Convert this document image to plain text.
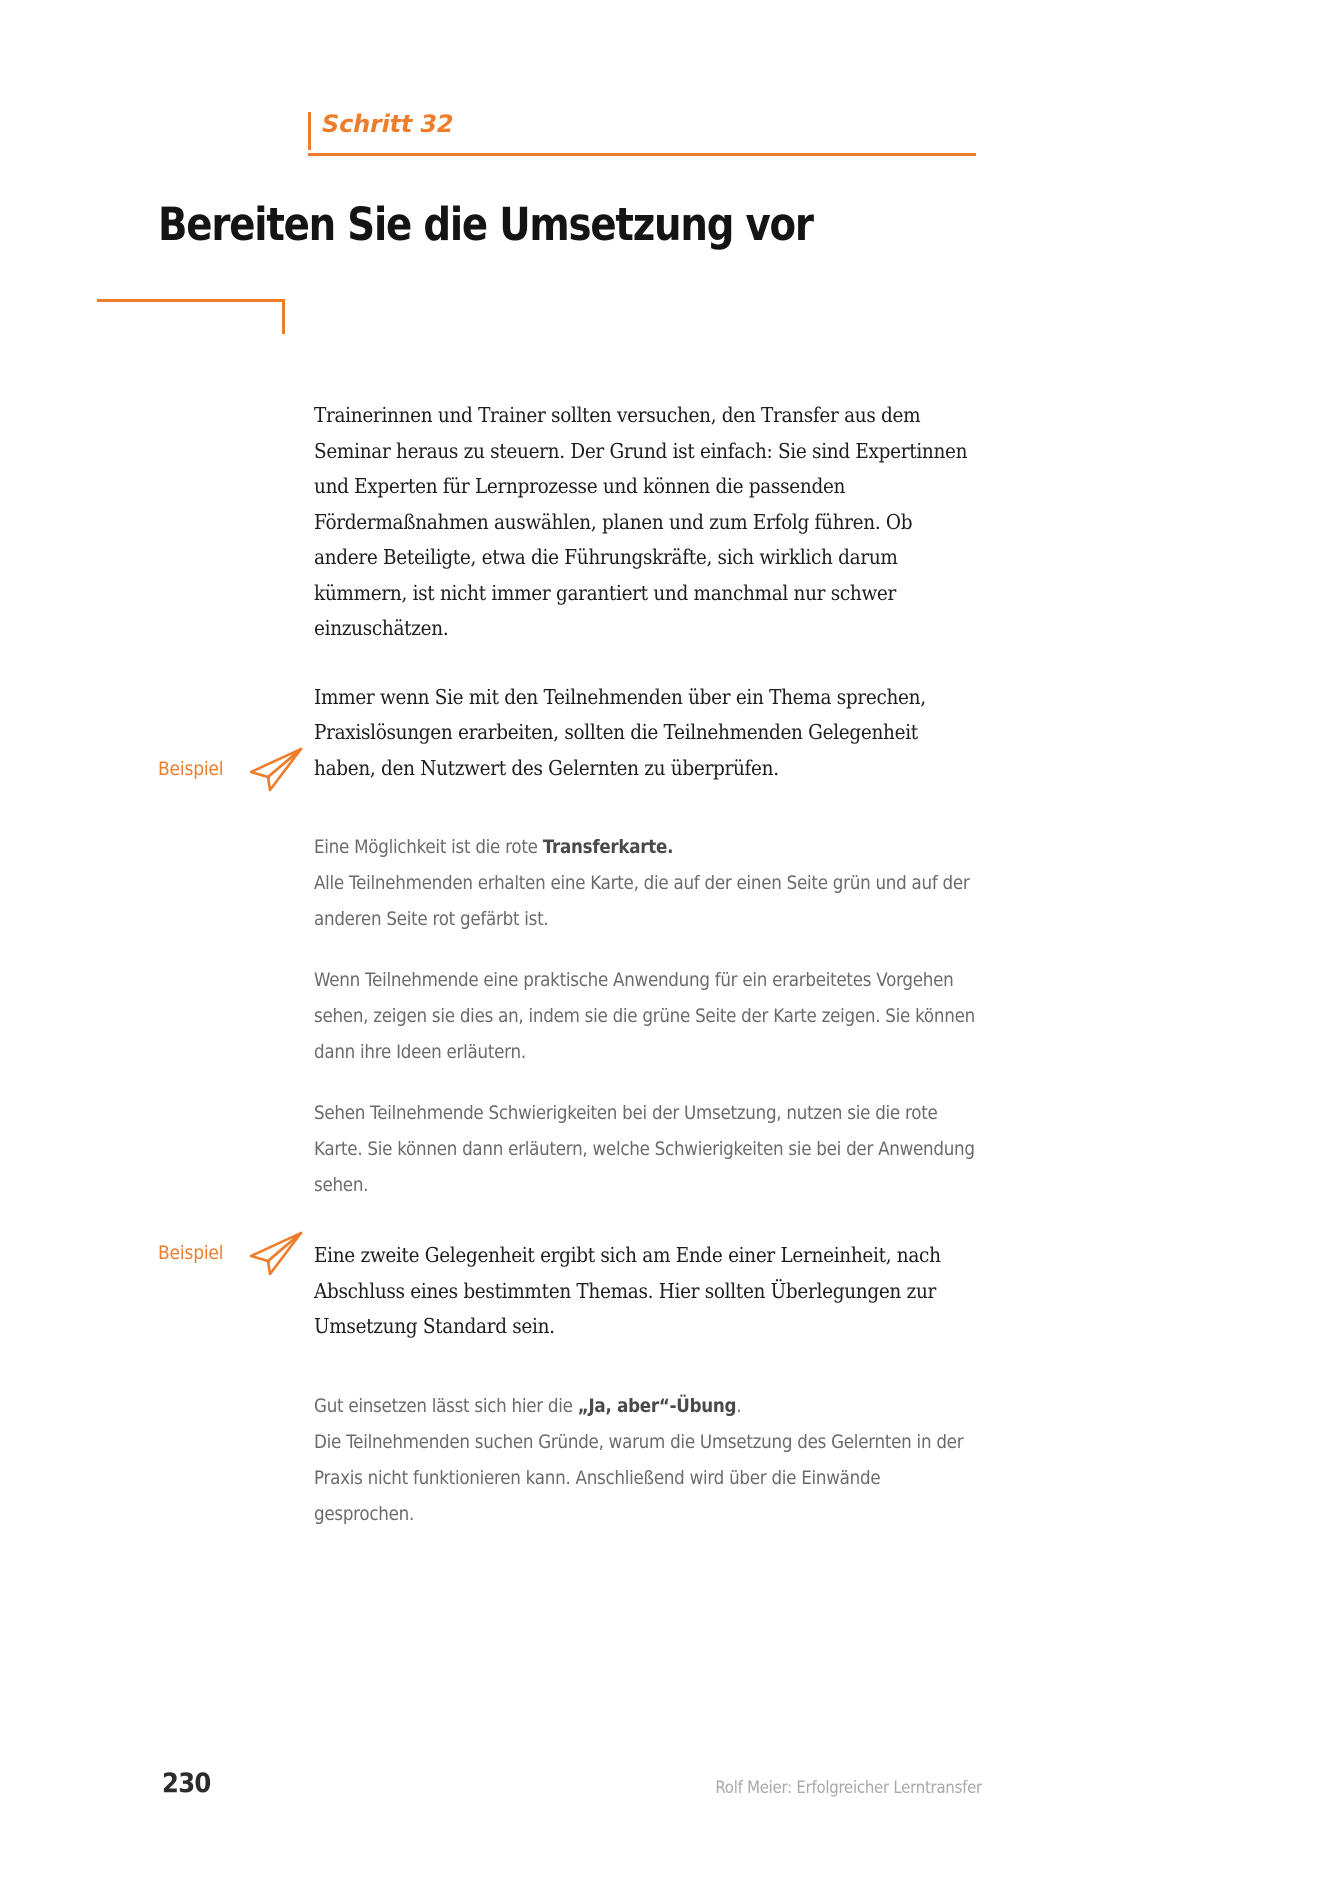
Schritt 32
Bereiten Sie die Umsetzung vor
Beispiel
Beispiel

Trainerinnen und Trainer sollten versuchen, den Transfer aus dem Seminar heraus zu steuern. Der Grund ist einfach: Sie sind Expertinnen und Experten für Lernprozesse und können die passenden Fördermaßnahmen auswählen, planen und zum Erfolg führen. Ob andere Beteiligte, etwa die Führungskräfte, sich wirklich darum kümmern, ist nicht immer garantiert und manchmal nur schwer einzuschätzen.

Immer wenn Sie mit den Teilnehmenden über ein Thema sprechen, Praxislösungen erarbeiten, sollten die Teilnehmenden Gelegenheit haben, den Nutzwert des Gelernten zu überprüfen.

Eine Möglichkeit ist die rote Transferkarte.
Alle Teilnehmenden erhalten eine Karte, die auf der einen Seite grün und auf der anderen Seite rot gefärbt ist.

Wenn Teilnehmende eine praktische Anwendung für ein erarbeitetes Vorgehen sehen, zeigen sie dies an, indem sie die grüne Seite der Karte zeigen. Sie können dann ihre Ideen erläutern.

Sehen Teilnehmende Schwierigkeiten bei der Umsetzung, nutzen sie die rote Karte. Sie können dann erläutern, welche Schwierigkeiten sie bei der Anwendung sehen.

Eine zweite Gelegenheit ergibt sich am Ende einer Lerneinheit, nach Abschluss eines bestimmten Themas. Hier sollten Überlegungen zur Umsetzung Standard sein.

Gut einsetzen lässt sich hier die „Ja, aber“-Übung.
Die Teilnehmenden suchen Gründe, warum die Umsetzung des Gelernten in der Praxis nicht funktionieren kann. Anschließend wird über die Einwände gesprochen.

230	Rolf Meier: Erfolgreicher Lerntransfer
